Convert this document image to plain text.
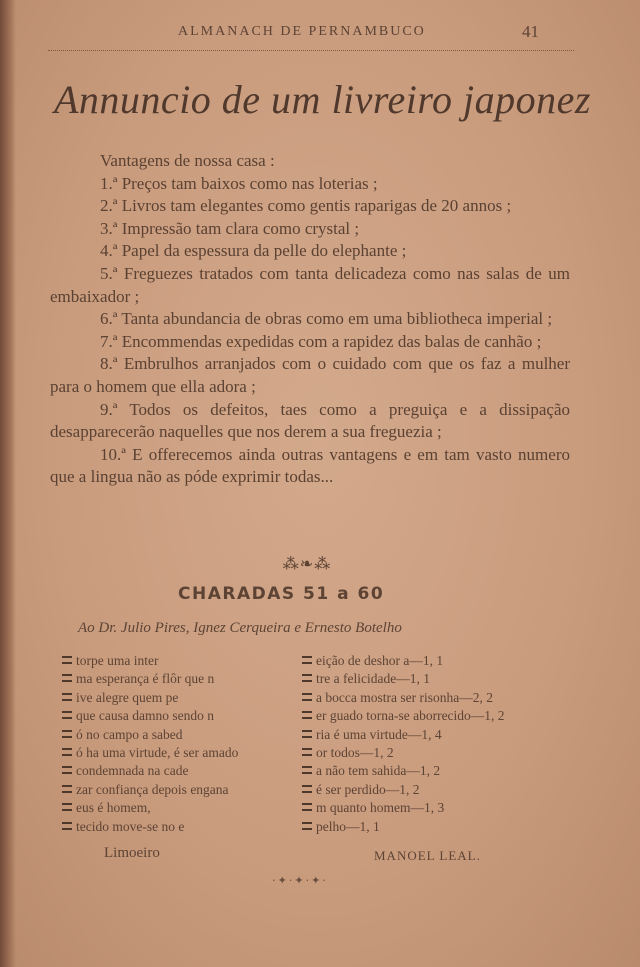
ALMANACH DE PERNAMBUCO	41
Annuncio de um livreiro japonez

Vantagens de nossa casa :

1.ª Preços tam baixos como nas loterias ;

2.ª Livros tam elegantes como gentis raparigas de 20 annos ;

3.ª Impressão tam clara como crystal ;

4.ª Papel da espessura da pelle do elephante ;

5.ª Freguezes tratados com tanta delicadeza como nas salas de um embaixador ;

6.ª Tanta abundancia de obras como em uma bibliotheca imperial ;

7.ª Encommendas expedidas com a rapidez das balas de canhão ;

8.ª Embrulhos arranjados com o cuidado com que os faz a mulher para o homem que ella adora ;

9.ª Todos os defeitos, taes como a preguiça e a dissipação desapparecerão naquelles que nos derem a sua freguezia ;

10.ª E offerecemos ainda outras vantagens e em tam vasto numero que a lingua não as póde exprimir todas...

⁂❧⁂
CHARADAS 51 a 60
Ao Dr. Julio Pires, Ignez Cerqueira e Ernesto Botelho
torpe uma inter
ma esperança é flôr que n
ive alegre quem pe
que causa damno sendo n
ó no campo a sabed
ó ha uma virtude, é ser amado
condemnada na cade
zar confiança depois engana
eus é homem,
tecido move-se no e
eição de deshor a—1, 1
tre a felicidade—1, 1
a bocca mostra ser risonha—2, 2
er guado torna-se aborrecido—1, 2
ria é uma virtude—1, 4
or todos—1, 2
a não tem sahida—1, 2
é ser perdido—1, 2
m quanto homem—1, 3
pelho—1, 1
Limoeiro	MANOEL LEAL.
·✦·✦·✦·
